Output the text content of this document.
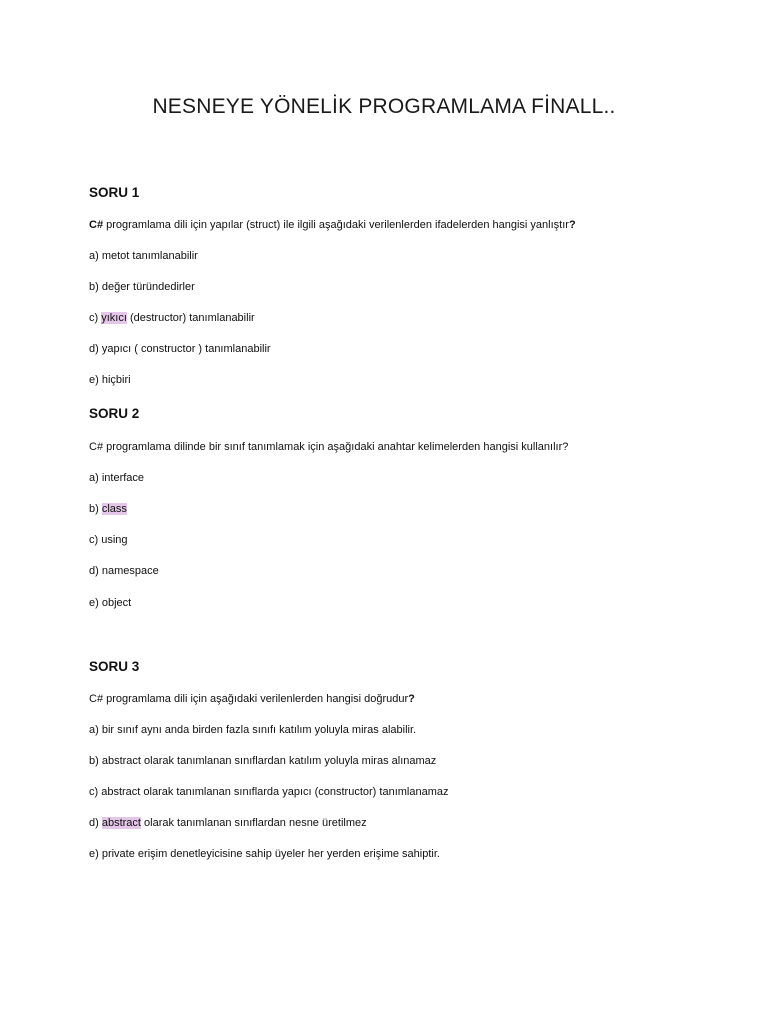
NESNEYE YÖNELİK PROGRAMLAMA FİNALL..
SORU 1

C# programlama dili için yapılar (struct) ile ilgili aşağıdaki verilenlerden ifadelerden hangisi yanlıştır?

a) metot tanımlanabilir

b) değer türündedirler

c) yıkıcı (destructor) tanımlanabilir

d) yapıcı ( constructor ) tanımlanabilir

e) hiçbiri

SORU 2

C# programlama dilinde bir sınıf tanımlamak için aşağıdaki anahtar kelimelerden hangisi kullanılır?

a) interface

b) class

c) using

d) namespace

e) object

SORU 3

C# programlama dili için aşağıdaki verilenlerden hangisi doğrudur?

a) bir sınıf aynı anda birden fazla sınıfı katılım yoluyla miras alabilir.

b) abstract olarak tanımlanan sınıflardan katılım yoluyla miras alınamaz

c) abstract olarak tanımlanan sınıflarda yapıcı (constructor) tanımlanamaz

d) abstract olarak tanımlanan sınıflardan nesne üretilmez

e) private erişim denetleyicisine sahip üyeler her yerden erişime sahiptir.
